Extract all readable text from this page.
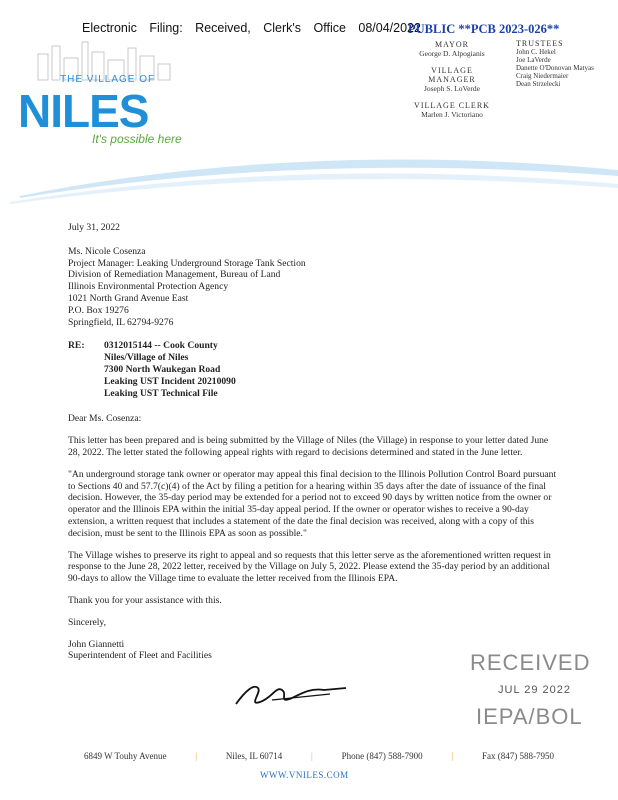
Electronic Filing: Received, Clerk's Office 08/04/2022
PUBLIC **PCB 2023-026**
THE VILLAGE OF
NILES
It's possible here
MAYOR
George D. Alpogianis
VILLAGE
MANAGER
Joseph S. LoVerde
VILLAGE CLERK
Marlen J. Victoriano
TRUSTEES
John C. Hekel
Joe LaVerde
Danette O'Donovan Matyas
Craig Niedermaier
Dean Strzelecki

July 31, 2022

Ms. Nicole Cosenza
Project Manager: Leaking Underground Storage Tank Section
Division of Remediation Management, Bureau of Land
Illinois Environmental Protection Agency
1021 North Grand Avenue East
P.O. Box 19276
Springfield, IL 62794-9276
RE:	0312015144 -- Cook County
Niles/Village of Niles
7300 North Waukegan Road
Leaking UST Incident 20210090
Leaking UST Technical File

Dear Ms. Cosenza:

This letter has been prepared and is being submitted by the Village of Niles (the Village) in response to your letter dated June 28, 2022. The letter stated the following appeal rights with regard to decisions determined and stated in the June letter.

"An underground storage tank owner or operator may appeal this final decision to the Illinois Pollution Control Board pursuant to Sections 40 and 57.7(c)(4) of the Act by filing a petition for a hearing within 35 days after the date of issuance of the final decision. However, the 35-day period may be extended for a period not to exceed 90 days by written notice from the owner or operator and the Illinois EPA within the initial 35-day appeal period. If the owner or operator wishes to receive a 90-day extension, a written request that includes a statement of the date the final decision was received, along with a copy of this decision, must be sent to the Illinois EPA as soon as possible."

The Village wishes to preserve its right to appeal and so requests that this letter serve as the aforementioned written request in response to the June 28, 2022 letter, received by the Village on July 5, 2022. Please extend the 35-day period by an additional 90-days to allow the Village time to evaluate the letter received from the Illinois EPA.

Thank you for your assistance with this.

Sincerely,

John Giannetti

Superintendent of Fleet and Facilities	RECEIVED
JUL 29 2022
IEPA/BOL
6849 W Touhy Avenue	|	Niles, IL 60714	|	Phone (847) 588-7900	|	Fax (847) 588-7950
WWW.VNILES.COM
